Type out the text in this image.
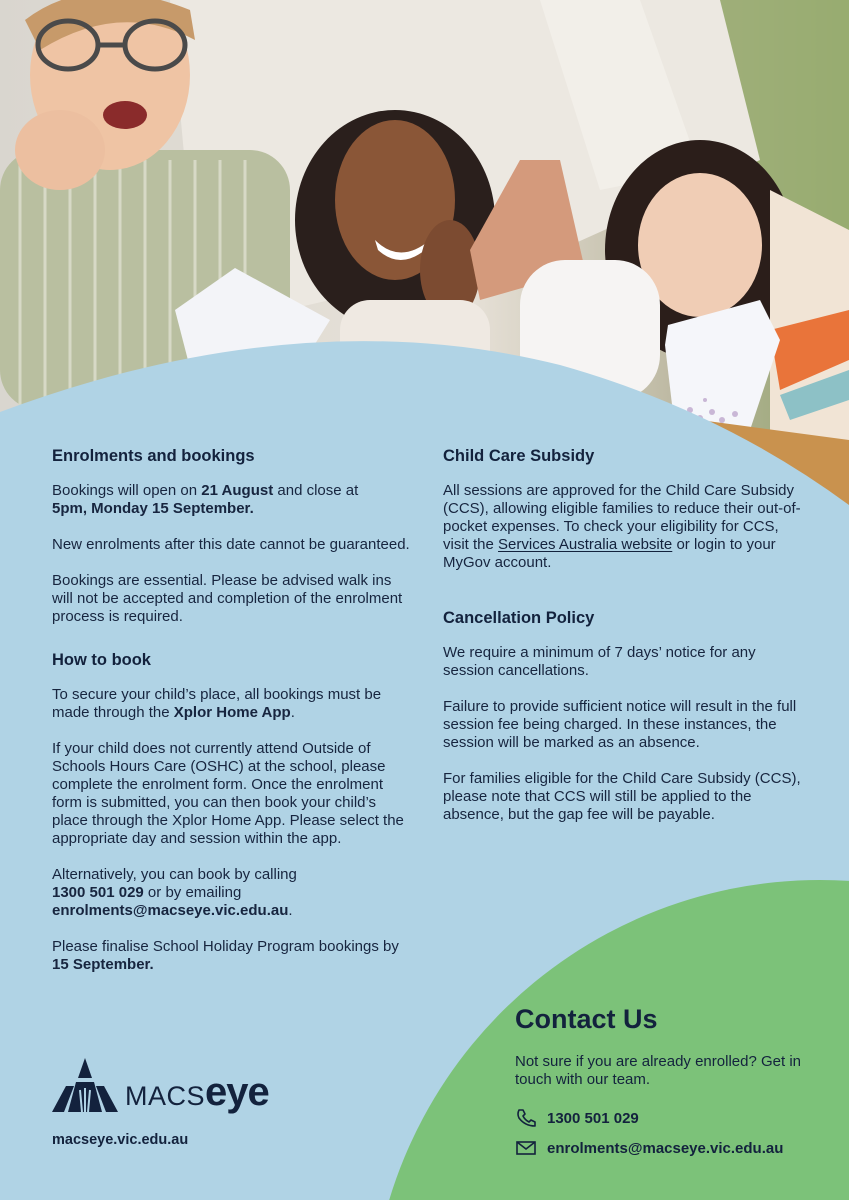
Enrolments and bookings

Bookings will open on 21 August and close at
5pm, Monday 15 September.

New enrolments after this date cannot be guaranteed.

Bookings are essential. Please be advised walk ins will not be accepted and completion of the enrolment process is required.

How to book

To secure your child’s place, all bookings must be made through the Xplor Home App.

If your child does not currently attend Outside of Schools Hours Care (OSHC) at the school, please complete the enrolment form. Once the enrolment form is submitted, you can then book your child’s place through the Xplor Home App. Please select the appropriate day and session within the app.

Alternatively, you can book by calling
1300 501 029 or by emailing
enrolments@macseye.vic.edu.au.

Please finalise School Holiday Program bookings by 15 September.

Child Care Subsidy

All sessions are approved for the Child Care Subsidy (CCS), allowing eligible families to reduce their out-of-pocket expenses. To check your eligibility for CCS, visit the Services Australia website or login to your MyGov account.

Cancellation Policy

We require a minimum of 7 days’ notice for any session cancellations.

Failure to provide sufficient notice will result in the full session fee being charged. In these instances, the session will be marked as an absence.

For families eligible for the Child Care Subsidy (CCS), please note that CCS will still be applied to the absence, but the gap fee will be payable.

MACS eye
macseye.vic.edu.au
Contact Us

Not sure if you are already enrolled? Get in touch with our team.

1300 501 029
enrolments@macseye.vic.edu.au
